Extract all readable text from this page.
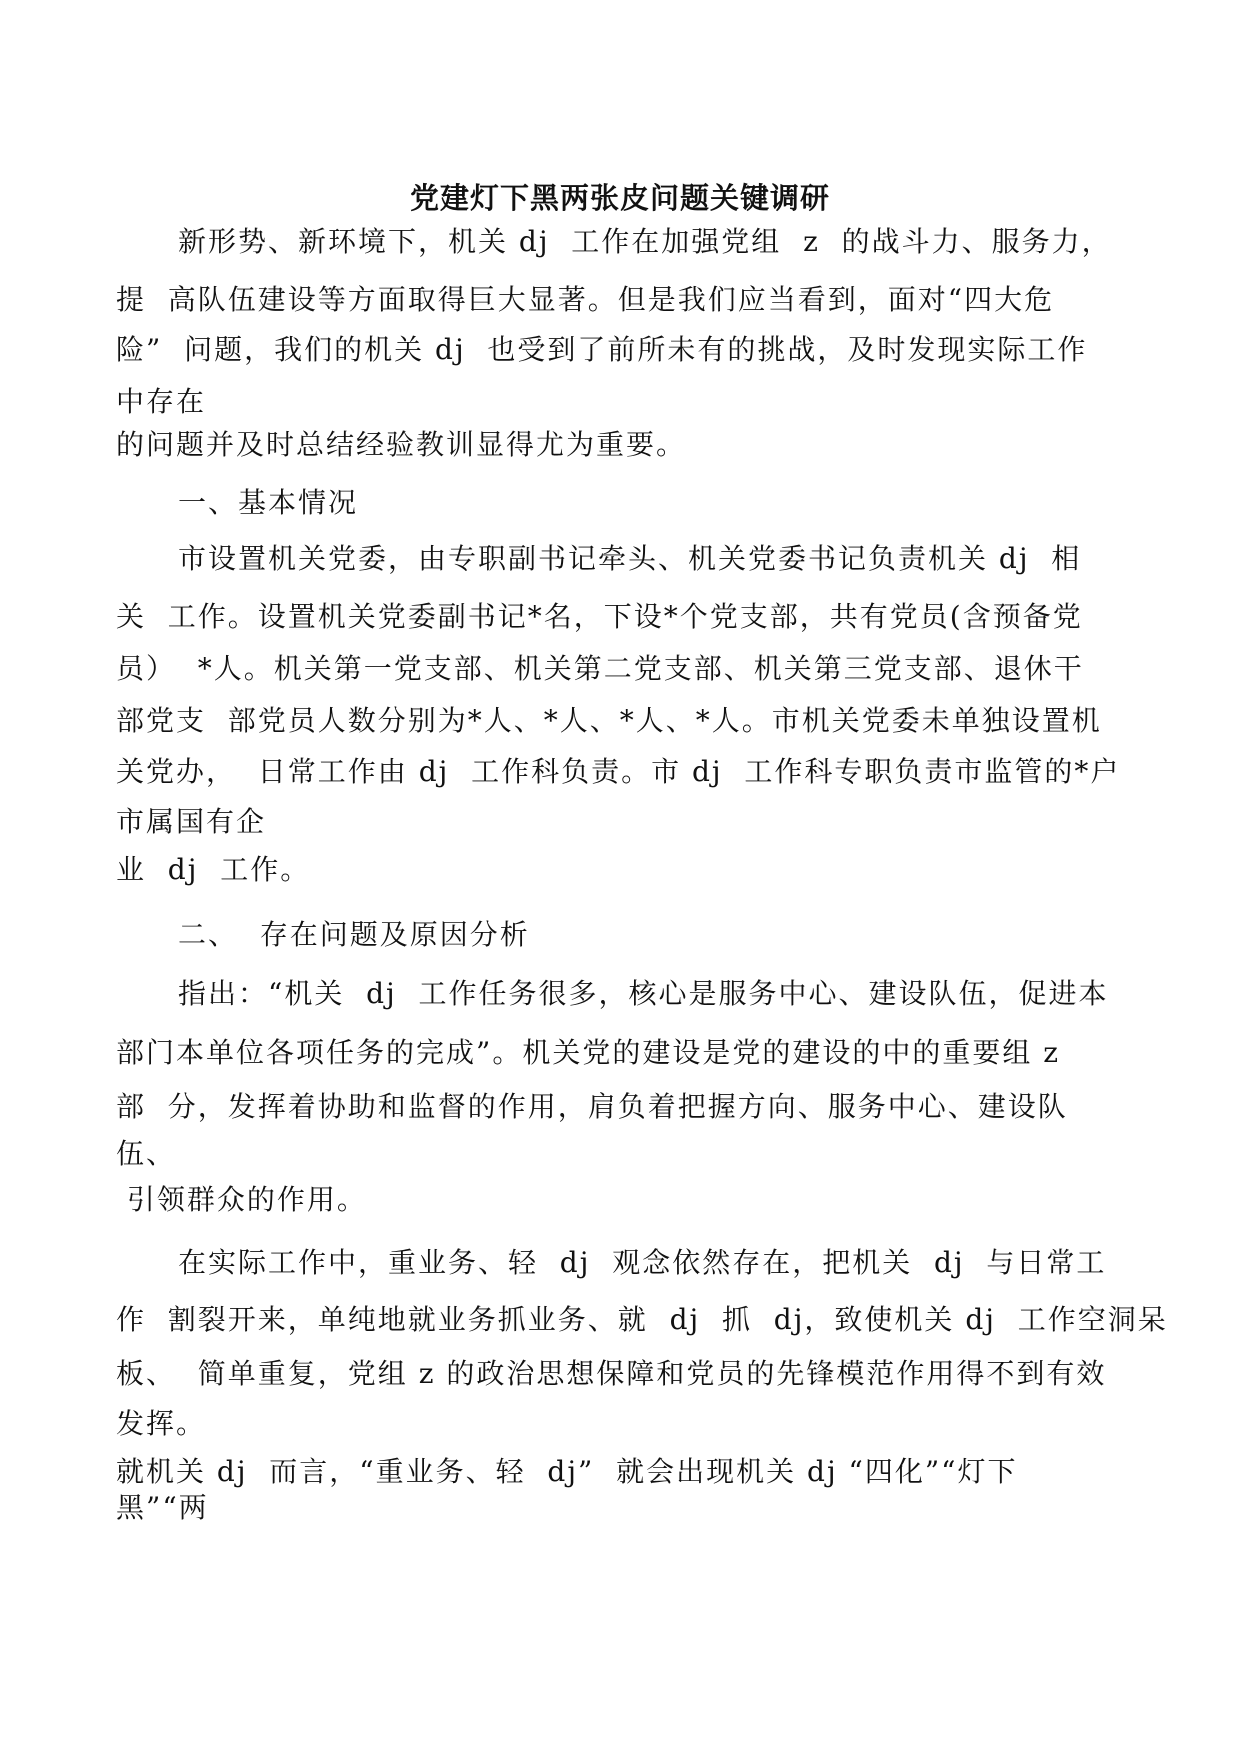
党建灯下黑两张皮问题关键调研
新形势、新环境下，机关 dj  工作在加强党组  z  的战斗力、服务力，
提  高队伍建设等方面取得巨大显著。但是我们应当看到，面对“四大危
险”  问题，我们的机关 dj  也受到了前所未有的挑战，及时发现实际工作
中存在
的问题并及时总结经验教训显得尤为重要。
一、基本情况
市设置机关党委，由专职副书记牵头、机关党委书记负责机关 dj  相
关  工作。设置机关党委副书记*名，下设*个党支部，共有党员(含预备党
员）  *人。机关第一党支部、机关第二党支部、机关第三党支部、退休干
部党支  部党员人数分别为*人、*人、*人、*人。市机关党委未单独设置机
关党办，  日常工作由 dj  工作科负责。市 dj  工作科专职负责市监管的*户
市属国有企
业  dj  工作。
二、  存在问题及原因分析
指出：“机关  dj  工作任务很多，核心是服务中心、建设队伍，促进本
部门本单位各项任务的完成”。机关党的建设是党的建设的中的重要组 z
部  分，发挥着协助和监督的作用，肩负着把握方向、服务中心、建设队
伍、
引领群众的作用。
在实际工作中，重业务、轻  dj  观念依然存在，把机关  dj  与日常工
作  割裂开来，单纯地就业务抓业务、就  dj  抓  dj，致使机关 dj  工作空洞呆
板、  简单重复，党组 z 的政治思想保障和党员的先锋模范作用得不到有效
发挥。
就机关 dj  而言，“重业务、轻  dj”  就会出现机关 dj “四化”“灯下
黑”“两
